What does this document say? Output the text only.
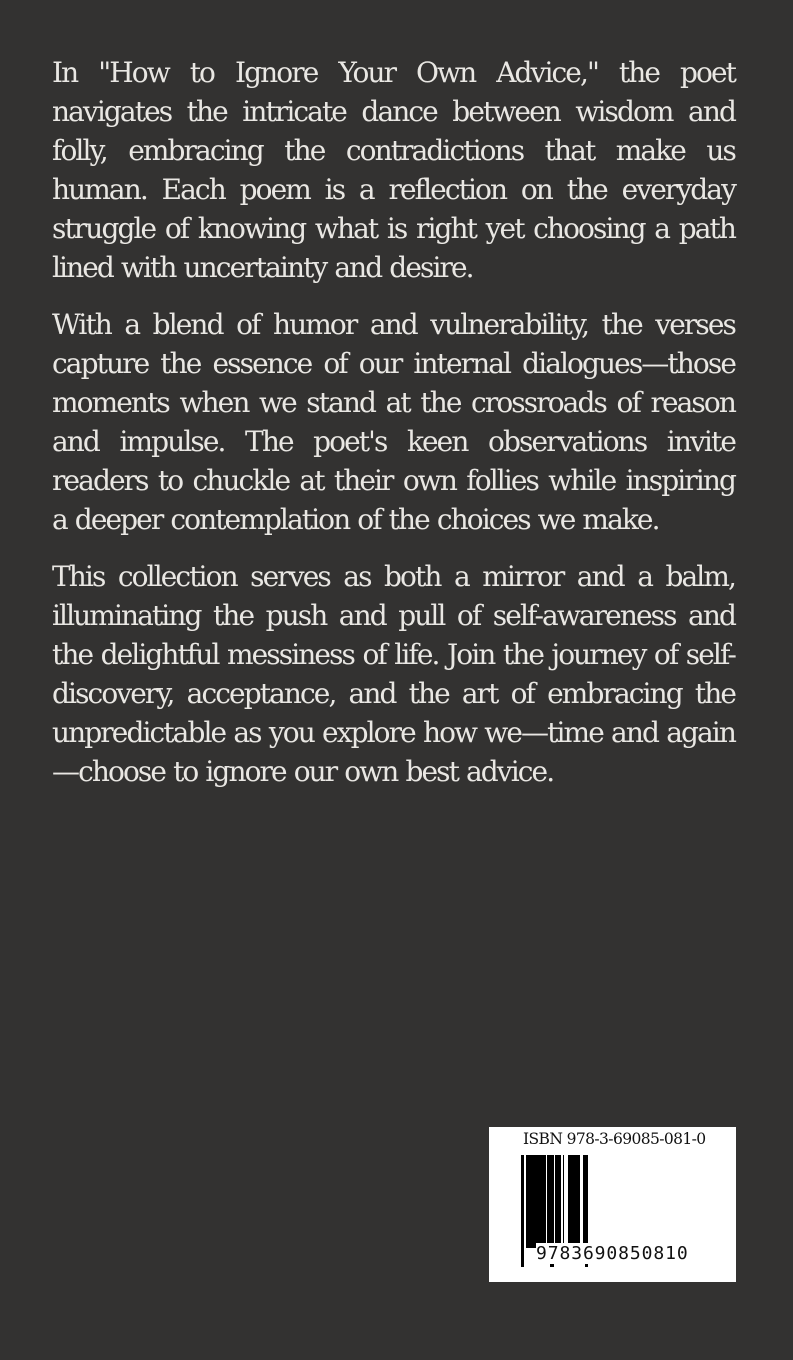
In "How to Ignore Your Own Advice," the poet navigates the intricate dance between wisdom and folly, embracing the contradictions that make us human. Each poem is a reflection on the everyday struggle of knowing what is right yet choosing a path lined with uncertainty and desire.

With a blend of humor and vulnerability, the verses capture the essence of our internal dialogues—those moments when we stand at the crossroads of reason and impulse. The poet's keen observations invite readers to chuckle at their own follies while inspiring a deeper contemplation of the choices we make.

This collection serves as both a mirror and a balm, illuminating the push and pull of self-awareness and the delightful messiness of life. Join the journey of self-discovery, acceptance, and the art of embracing the unpredictable as you explore how we—time and again—choose to ignore our own best advice.

ISBN 978-3-69085-081-0
9783690850810
